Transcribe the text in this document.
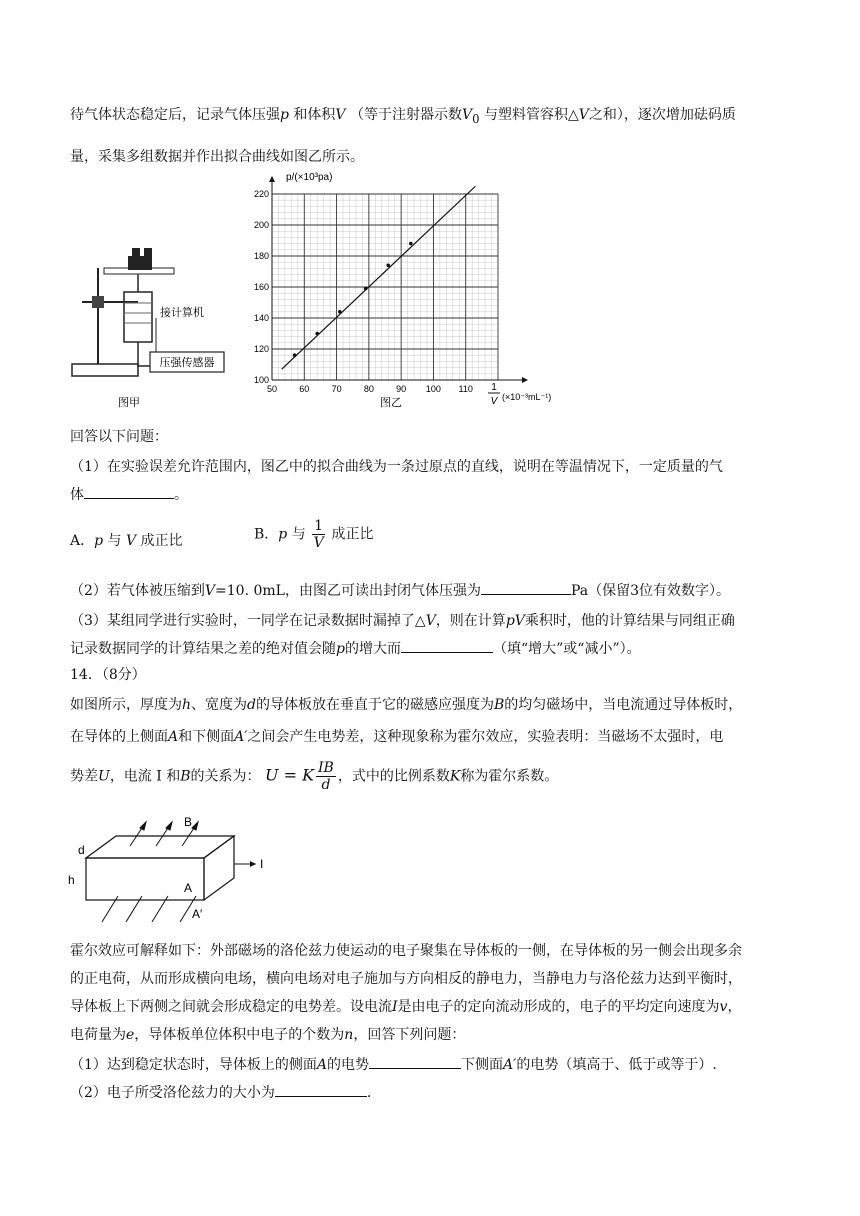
待气体状态稳定后，记录气体压强p 和体积V （等于注射器示数$V_0$ 与塑料管容积△V之和），逐次增加砝码质
量，采集多组数据并作出拟合曲线如图乙所示。
压强传感器
接计算机
图甲
50 60 70 80 90 100 110
100
120
140
160
180
200
220
p/(×10³pa)
1
V (×10⁻³mL⁻¹)
图乙
回答以下问题：
（1）在实验误差允许范围内，图乙中的拟合曲线为一条过原点的直线，说明在等温情况下，一定质量的气
体	。
A．p 与 V 成正比	B．p 与 $\frac{1}{V}$ 成正比
（2）若气体被压缩到V=10. 0mL，由图乙可读出封闭气体压强为	Pa（保留3位有效数字）。
（3）某组同学进行实验时，一同学在记录数据时漏掉了△V，则在计算pV乘积时，他的计算结果与同组正确
记录数据同学的计算结果之差的绝对值会随p的增大而	（填“增大”或“减小”）。
14．（8分）
如图所示，厚度为h、宽度为d的导体板放在垂直于它的磁感应强度为B的均匀磁场中，当电流通过导体板时，
在导体的上侧面A和下侧面A′之间会产生电势差，这种现象称为霍尔效应，实验表明：当磁场不太强时，电
势差U，电流 I 和B的关系为： U = K $\frac{IB}{d}$ ，式中的比例系数K称为霍尔系数。
B
d
h
A
A′
I
霍尔效应可解释如下：外部磁场的洛伦兹力使运动的电子聚集在导体板的一侧，在导体板的另一侧会出现多余
的正电荷，从而形成横向电场，横向电场对电子施加与方向相反的静电力，当静电力与洛伦兹力达到平衡时，
导体板上下两侧之间就会形成稳定的电势差。设电流I是由电子的定向流动形成的，电子的平均定向速度为v，
电荷量为e，导体板单位体积中电子的个数为n，回答下列问题：
（1）达到稳定状态时，导体板上的侧面A的电势	下侧面A′的电势（填高于、低于或等于）.
（2）电子所受洛伦兹力的大小为	.
